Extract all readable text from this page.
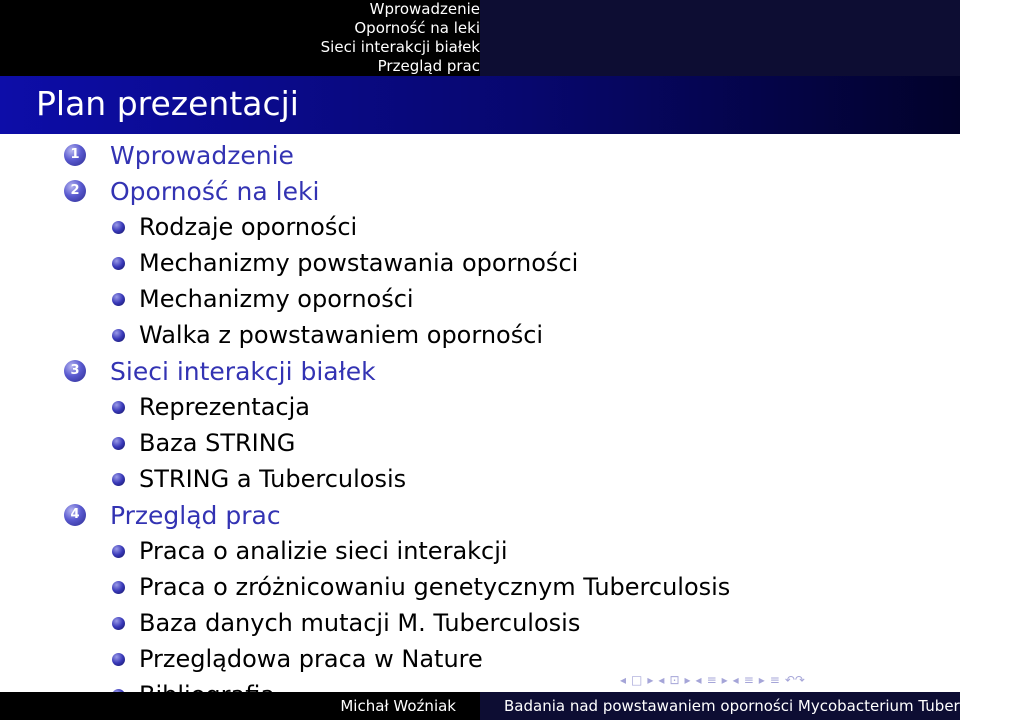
Wprowadzenie
Oporność na leki
Sieci interakcji białek
Przegląd prac
Plan prezentacji
1 Wprowadzenie
2 Oporność na leki
Rodzaje oporności
Mechanizmy powstawania oporności
Mechanizmy oporności
Walka z powstawaniem oporności
3 Sieci interakcji białek
Reprezentacja
Baza STRING
STRING a Tuberculosis
4 Przegląd prac
Praca o analizie sieci interakcji
Praca o zróżnicowaniu genetycznym Tuberculosis
Baza danych mutacji M. Tuberculosis
Przeglądowa praca w Nature
◂ □ ▸ ◂ ⊡ ▸ ◂ ≡ ▸ ◂ ≡ ▸ ≡ ↶↷
Michał Woźniak	Badania nad powstawaniem oporności Mycobacterium Tuberculosis
